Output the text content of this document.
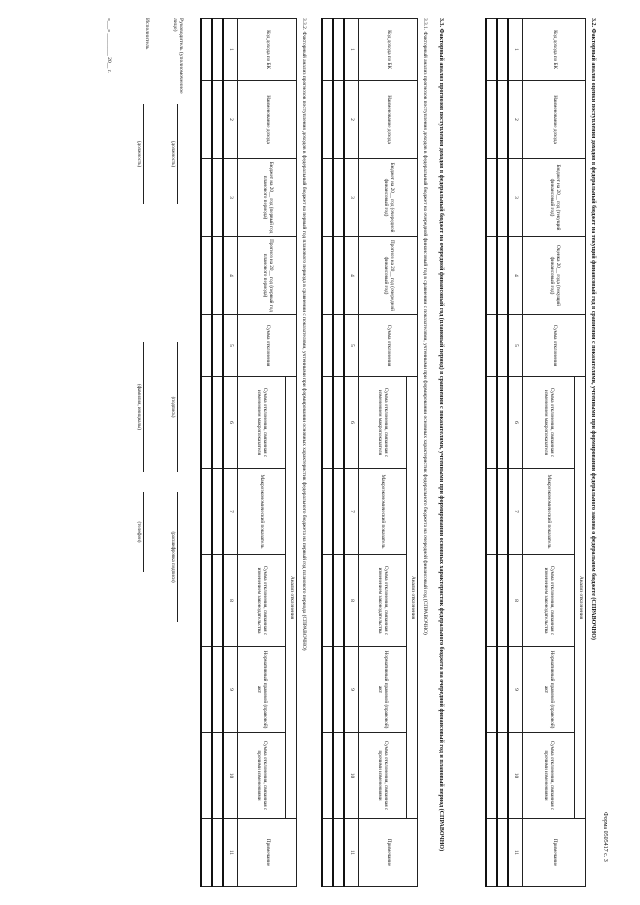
Форма 0505417 с. 3
3.2. Факторный анализ оценки поступления доходов в федеральный бюджет на текущий финансовый год в сравнении с показателями, учтенными при формировании федерального закона о федеральном бюджете (СПРАВОЧНО)
Код дохода по БК	Наименование дохода	Бюджет на 20__ год (текущий финансовый год)	Оценка 20__ года (текущий финансовый год)	Сумма отклонения	Анализ отклонения					Примечание
					Сумма отклонения, связанная с изменением макропоказателя	Макроэкономический показатель	Сумма отклонения, связанная с изменением законодательства	Нормативный правовой (правовой) акт	Сумма отклонения, связанная с прочими изменениями	
1	2	3	4	5	6	7	8	9	10	11

3.3. Факторный анализ прогнозов поступления доходов в федеральный бюджет на очередной финансовый год (плановый период) в сравнении с показателями, учтенными при формировании основных характеристик федерального бюджета на очередной финансовый год и плановый период (СПРАВОЧНО)
3.3.1. Факторный анализ прогнозов поступления доходов в федеральный бюджет на очередной финансовый год в сравнении с показателями, учтенными при формировании основных характеристик федерального бюджета на очередной финансовый год (СПРАВОЧНО)
Код дохода по БК	Наименование дохода	Бюджет на 20__ год (очередной финансовый год)	Прогноз на 20__ год (очередной финансовый год)	Сумма отклонения	Анализ отклонения					Примечание
					Сумма отклонения, связанная с изменением макропоказателя	Макроэкономический показатель	Сумма отклонения, связанная с изменением законодательства	Нормативный правовой (правовой) акт	Сумма отклонения, связанная с прочими изменениями	
1	2	3	4	5	6	7	8	9	10	11

3.3.2. Факторный анализ прогнозов поступления доходов в федеральный бюджет на первый год планового периода в сравнении с показателями, учтенными при формировании основных характеристик федерального бюджета на первый год планового периода (СПРАВОЧНО)
Код дохода по БК	Наименование дохода	Бюджет на 20__ год (первый год планового периода)	Прогноз на 20__ год (первый год планового периода)	Сумма отклонения	Анализ отклонения					Примечание
					Сумма отклонения, связанная с изменением макропоказателя	Макроэкономический показатель	Сумма отклонения, связанная с изменением законодательства	Нормативный правовой (правовой) акт	Сумма отклонения, связанная с прочими изменениями	
1	2	3	4	5	6	7	8	9	10	11

Руководитель (уполномоченное лицо)
(должность)
(подпись)
(расшифровка подписи)
Исполнитель
(должность)
(фамилия, инициалы)
(телефон)
«___» ________ 20__ г.
